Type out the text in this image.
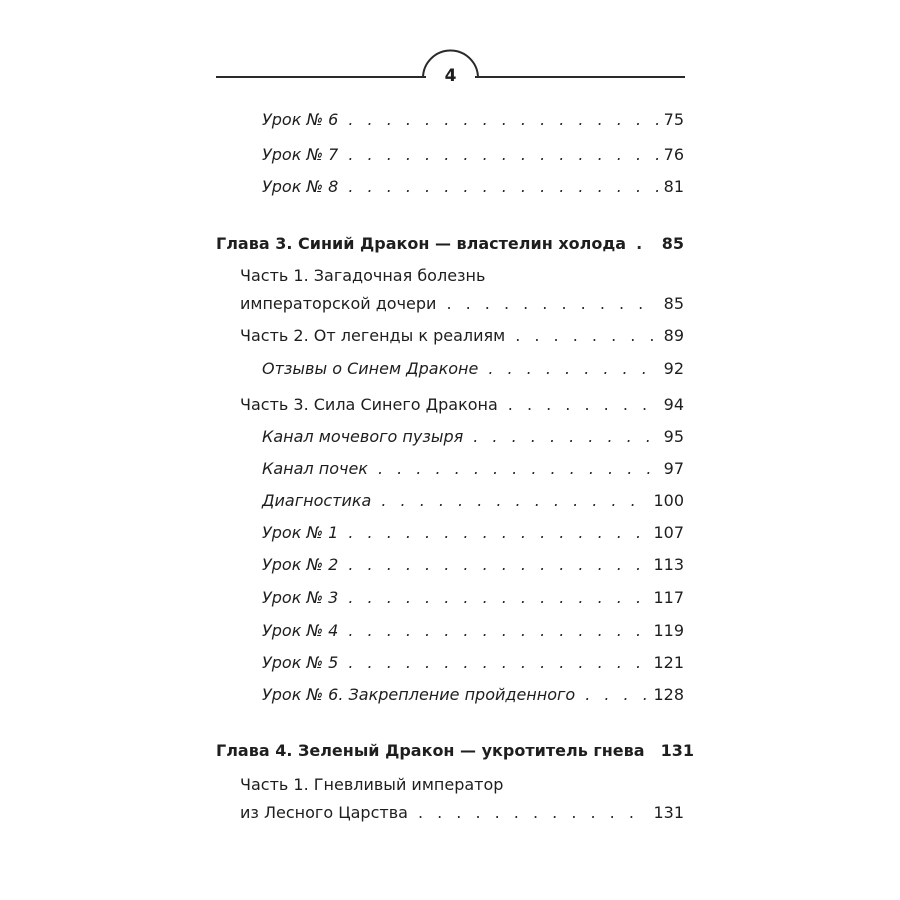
4
Урок № 6 . . .	75
Урок № 7 . . .	76
Урок № 8 . . .	81
Глава 3. Синий Дракон — властелин холода . . . 85
Часть 1. Загадочная болезнь
императорской дочери . . .	85
Часть 2. От легенды к реалиям . . .	89
Отзывы о Синем Драконе . . .	92
Часть 3. Сила Синего Дракона . . .	94
Канал мочевого пузыря . . .	95
Канал почек . . .	97
Диагностика . . .	100
Урок № 1 . . .	107
Урок № 2 . . .	113
Урок № 3 . . .	117
Урок № 4 . . .	119
Урок № 5 . . .	121
Урок № 6. Закрепление пройденного . . .	128
Глава 4. Зеленый Дракон — укротитель гнева 131
Часть 1. Гневливый император
из Лесного Царства . . .	131
